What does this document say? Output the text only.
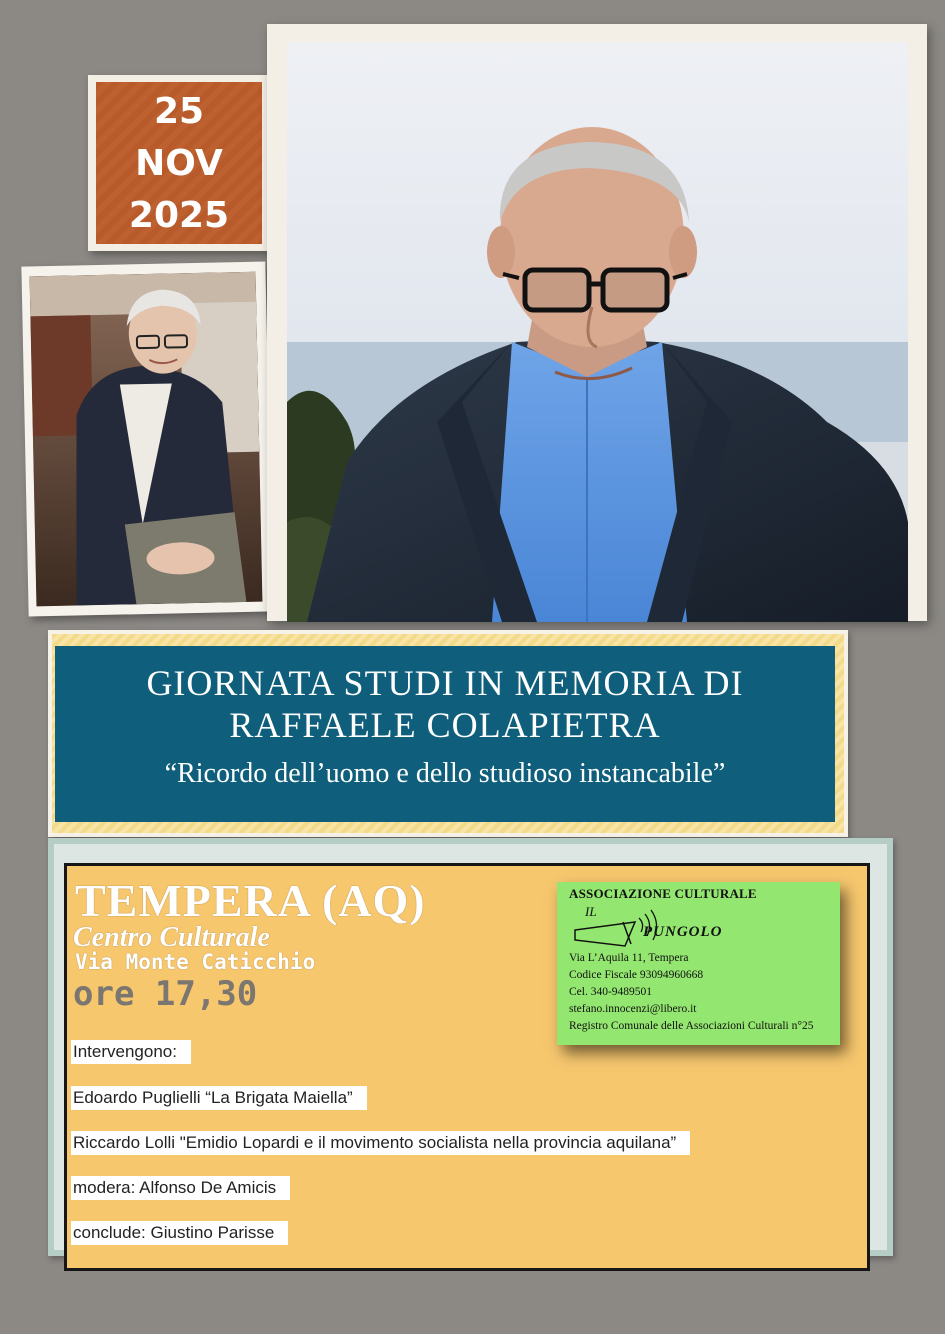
25
NOV
2025
GIORNATA STUDI IN MEMORIA DI
RAFFAELE COLAPIETRA
“Ricordo dell’uomo e dello studioso instancabile”
TEMPERA (AQ)
Centro Culturale
Via Monte Caticchio
ore 17,30
Intervengono:
Edoardo Puglielli “La Brigata Maiella”
Riccardo Lolli "Emidio Lopardi e il movimento socialista nella provincia aquilana”
modera: Alfonso De Amicis
conclude: Giustino Parisse
ASSOCIAZIONE CULTURALE
IL
PUNGOLO
Via L’Aquila 11, Tempera
Codice Fiscale 93094960668
Cel. 340-9489501
stefano.innocenzi@libero.it
Registro Comunale delle Associazioni Culturali n°25
